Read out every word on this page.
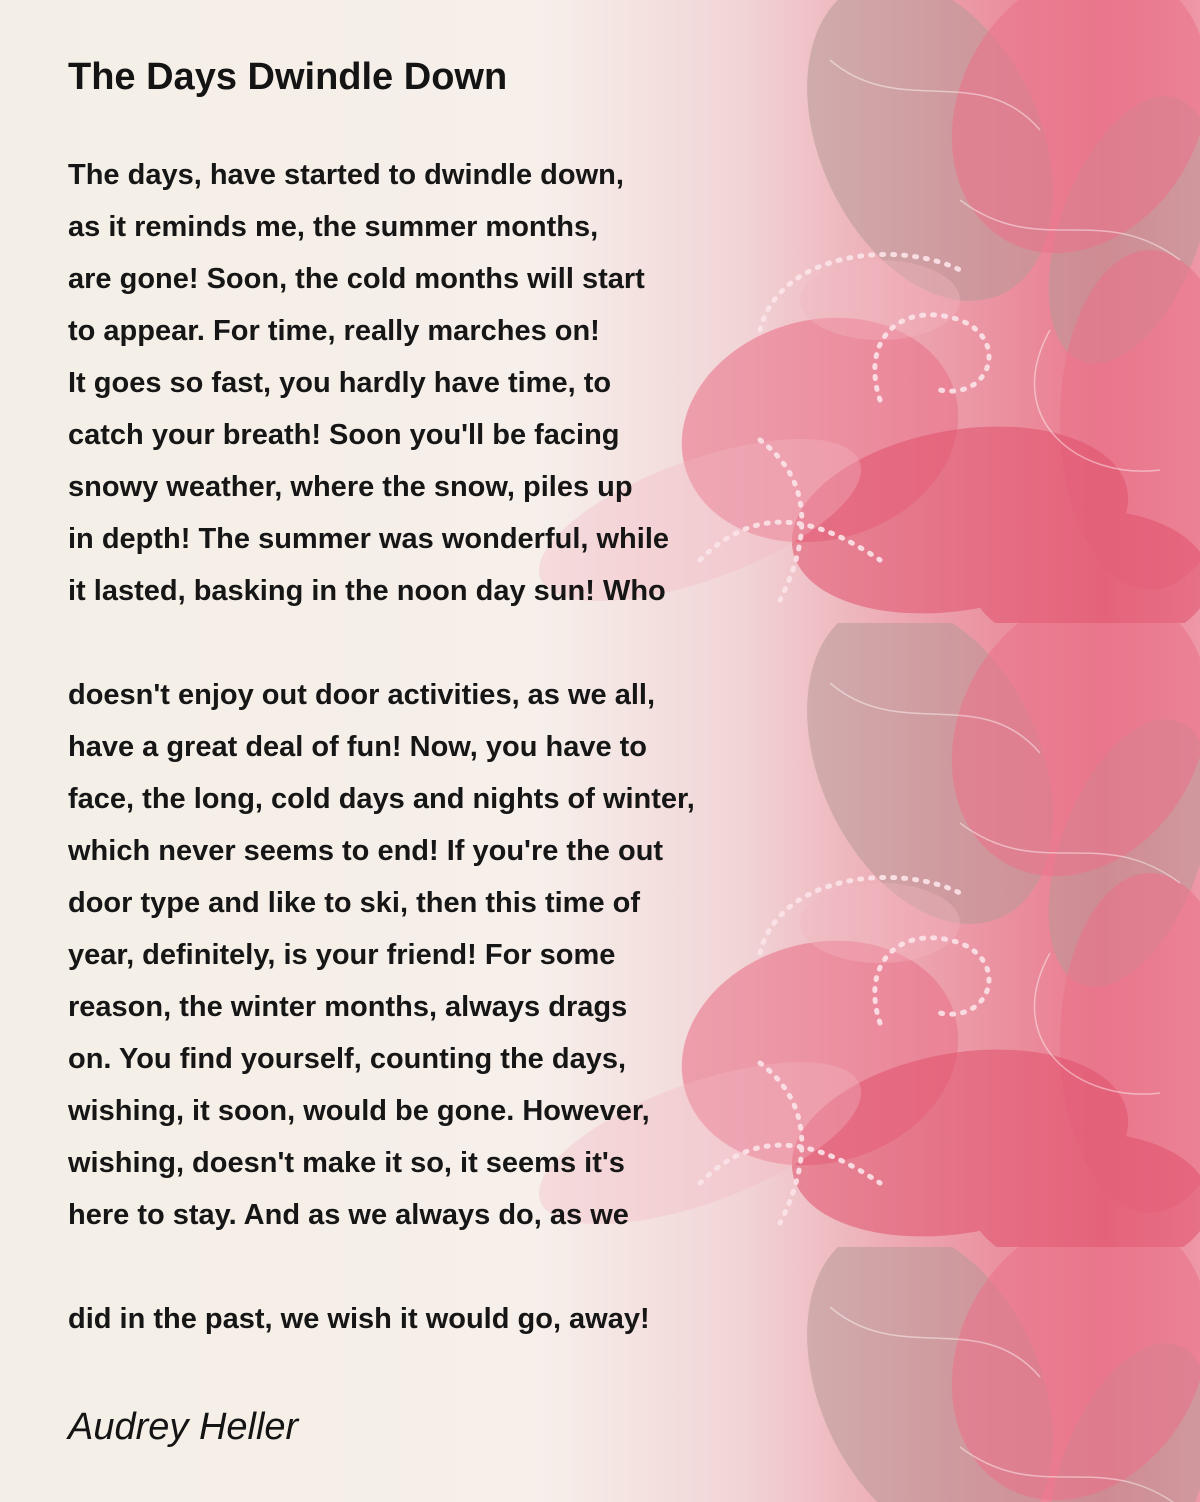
The Days Dwindle Down
The days, have started to dwindle down,
as it reminds me, the summer months,
are gone! Soon, the cold months will start
to appear. For time, really marches on!
It goes so fast, you hardly have time, to
catch your breath! Soon you'll be facing
snowy weather, where the snow, piles up
in depth! The summer was wonderful, while
it lasted, basking in the noon day sun! Who
doesn't enjoy out door activities, as we all,
have a great deal of fun! Now, you have to
face, the long, cold days and nights of winter,
which never seems to end! If you're the out
door type and like to ski, then this time of
year, definitely, is your friend! For some
reason, the winter months, always drags
on. You find yourself, counting the days,
wishing, it soon, would be gone. However,
wishing, doesn't make it so, it seems it's
here to stay. And as we always do, as we
did in the past, we wish it would go, away!

Audrey Heller
